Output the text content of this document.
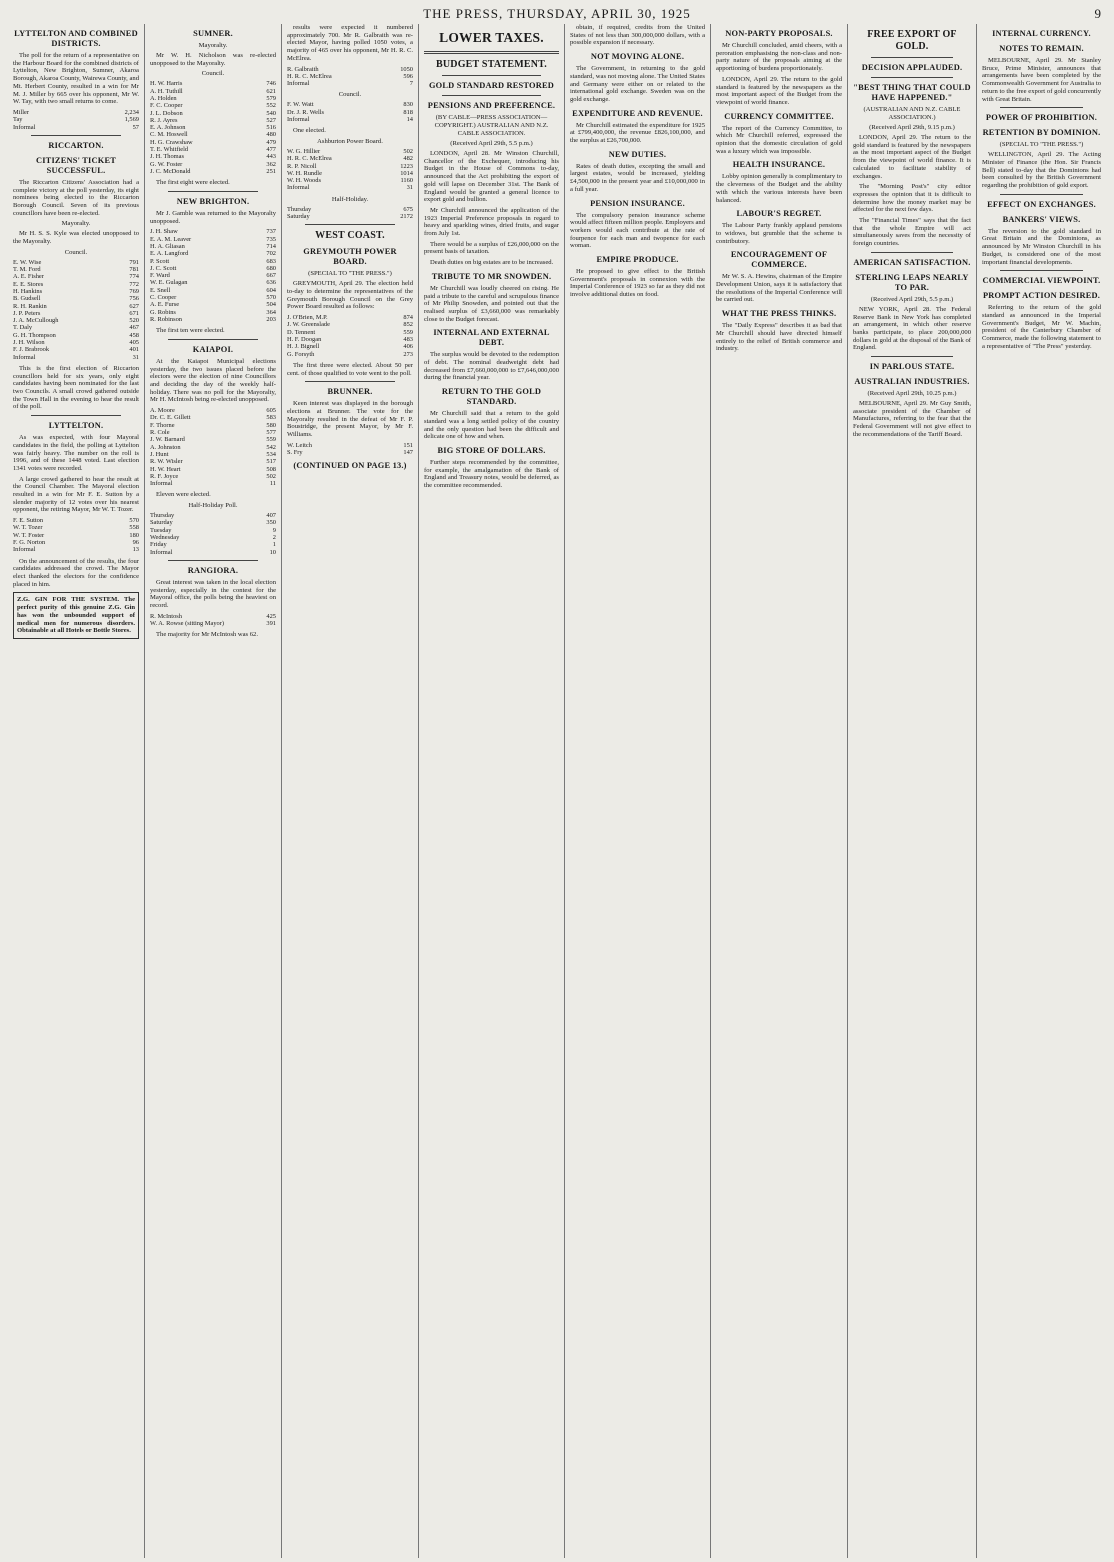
THE PRESS, THURSDAY, APRIL 30, 1925	9
LYTTELTON AND COMBINED DISTRICTS.

The poll for the return of a representative on the Harbour Board for the combined districts of Lyttelton, New Brighton, Sumner, Akaroa Borough, Akaroa County, Wairewa County, and Mt. Herbert County, resulted in a win for Mr M. J. Miller by 665 over his opponent, Mr W. W. Tay, with two small returns to come.

Miller	2,234
Tay	1,569
Informal	57
RICCARTON.
CITIZENS' TICKET SUCCESSFUL.

The Riccarton Citizens' Association had a complete victory at the poll yesterday, its eight nominees being elected to the Riccarton Borough Council. Seven of its previous councillors have been re-elected.

Mayoralty.

Mr H. S. S. Kyle was elected unopposed to the Mayoralty.

Council.
E. W. Wise	791
T. M. Ford	781
A. E. Fisher	774
E. E. Stores	772
H. Hankins	769
B. Gudsell	756
R. H. Rankin	627
J. P. Peters	671
J. A. McCullough	520
T. Daly	467
G. H. Thompson	458
J. H. Wilson	405
F. J. Brabrook	401
Informal	31

This is the first election of Riccarton councillors held for six years, only eight candidates having been nominated for the last two Councils. A small crowd gathered outside the Town Hall in the evening to hear the result of the poll.

LYTTELTON.

As was expected, with four Mayoral candidates in the field, the polling at Lyttelton was fairly heavy. The number on the roll is 1996, and of these 1448 voted. Last election 1341 votes were recorded.

A large crowd gathered to hear the result at the Council Chamber. The Mayoral election resulted in a win for Mr F. E. Sutton by a slender majority of 12 votes over his nearest opponent, the retiring Mayor, Mr W. T. Tozer.

F. E. Sutton	570
W. T. Tozer	558
W. T. Foster	180
F. G. Norton	96
Informal	13

On the announcement of the results, the four candidates addressed the crowd. The Mayor elect thanked the electors for the confidence placed in him.

Z.G. GIN FOR THE SYSTEM. The perfect purity of this genuine Z.G. Gin has won the unbounded support of medical men for numerous disorders. Obtainable at all Hotels or Bottle Stores.
SUMNER.
Mayoralty.

Mr W. H. Nicholson was re-elected unopposed to the Mayoralty.

Council.
H. W. Harris	746
A. H. Tuthill	621
A. Holden	579
F. C. Cooper	552
J. L. Dobson	540
R. J. Ayres	527
E. A. Johnson	516
C. M. Hoswell	480
H. G. Crawshaw	479
T. E. Whitfield	477
J. H. Thomas	443
G. W. Foster	362
J. C. McDonald	251

The first eight were elected.

NEW BRIGHTON.

Mr J. Gamble was returned to the Mayoralty unopposed.

J. H. Shaw	737
E. A. M. Leaver	735
H. A. Gliasan	714
E. A. Langford	702
P. Scott	683
J. C. Scott	680
F. Ward	667
W. E. Gulagan	636
E. Snell	604
C. Cooper	570
A. E. Furse	504
G. Robins	364
R. Robinson	203

The first ten were elected.

KAIAPOI.

At the Kaiapoi Municipal elections yesterday, the two issues placed before the electors were the election of nine Councillors and deciding the day of the weekly half-holiday. There was no poll for the Mayoralty, Mr H. McIntosh being re-elected unopposed.

A. Moore	605
Dr. C. E. Gillett	583
F. Thorne	580
R. Cole	577
J. W. Barnard	559
A. Johnston	542
J. Hunt	534
R. W. Wisler	517
H. W. Heart	508
R. F. Joyce	502
Informal	11

Eleven were elected.

Half-Holiday Poll.
Thursday	407
Saturday	350
Tuesday	9
Wednesday	2
Friday	1
Informal	10
RANGIORA.

Great interest was taken in the local election yesterday, especially in the contest for the Mayoral office, the polls being the heaviest on record.

R. McIntosh	425
W. A. Rowse (sitting Mayor)	391

The majority for Mr McIntosh was 62.

results were expected it numbered approximately 700. Mr R. Galbraith was re-elected Mayor, having polled 1050 votes, a majority of 465 over his opponent, Mr H. R. C. McElrea.

R. Galbraith	1050
H. R. C. McElrea	596
Informal	7
Council.
F. W. Watt	830
Dr. J. R. Wells	818
Informal	14

One elected.

Ashburton Power Board.
W. G. Hillier	502
H. R. C. McElrea	482
R. P. Nicoll	1223
W. H. Rundle	1014
W. H. Woods	1160
Informal	31
Half-Holiday.
Thursday	675
Saturday	2172
WEST COAST.
GREYMOUTH POWER BOARD.
(SPECIAL TO "THE PRESS.")

GREYMOUTH, April 29. The election held to-day to determine the representatives of the Greymouth Borough Council on the Grey Power Board resulted as follows:

J. O'Brien, M.P.	874
J. W. Greenslade	852
D. Tennent	559
H. F. Doogan	483
H. J. Bignell	406
G. Forsyth	273

The first three were elected. About 50 per cent. of those qualified to vote went to the poll.

BRUNNER.

Keen interest was displayed in the borough elections at Brunner. The vote for the Mayoralty resulted in the defeat of Mr F. P. Boustridge, the present Mayor, by Mr F. Williams.

W. Leitch	151
S. Fry	147
(CONTINUED ON PAGE 13.)
LOWER TAXES.
BUDGET STATEMENT.
GOLD STANDARD RESTORED
PENSIONS AND PREFERENCE.
(BY CABLE—PRESS ASSOCIATION—COPYRIGHT.) AUSTRALIAN AND N.Z. CABLE ASSOCIATION.
(Received April 29th, 5.5 p.m.)

LONDON, April 28. Mr Winston Churchill, Chancellor of the Exchequer, introducing his Budget in the House of Commons to-day, announced that the Act prohibiting the export of gold will lapse on December 31st. The Bank of England would be granted a general licence to export gold and bullion.

Mr Churchill announced the application of the 1923 Imperial Preference proposals in regard to heavy and sparkling wines, dried fruits, and sugar from July 1st.

There would be a surplus of £26,000,000 on the present basis of taxation.

Death duties on big estates are to be increased.

TRIBUTE TO MR SNOWDEN.

Mr Churchill was loudly cheered on rising. He paid a tribute to the careful and scrupulous finance of Mr Philip Snowden, and pointed out that the realised surplus of £3,660,000 was remarkably close to the Budget forecast.

INTERNAL AND EXTERNAL DEBT.

The surplus would be devoted to the redemption of debt. The nominal deadweight debt had decreased from £7,660,000,000 to £7,646,000,000 during the financial year.

RETURN TO THE GOLD STANDARD.

Mr Churchill said that a return to the gold standard was a long settled policy of the country and the only question had been the difficult and delicate one of how and when.

BIG STORE OF DOLLARS.

Further steps recommended by the committee, for example, the amalgamation of the Bank of England and Treasury notes, would be deferred, as the committee recommended.

obtain, if required, credits from the United States of not less than 300,000,000 dollars, with a possible expansion if necessary.

NOT MOVING ALONE.

The Government, in returning to the gold standard, was not moving alone. The United States and Germany were either on or related to the international gold exchange. Sweden was on the gold exchange.

EXPENDITURE AND REVENUE.

Mr Churchill estimated the expenditure for 1925 at £799,400,000, the revenue £826,100,000, and the surplus at £26,700,000.

NEW DUTIES.

Rates of death duties, excepting the small and largest estates, would be increased, yielding £4,500,000 in the present year and £10,000,000 in a full year.

PENSION INSURANCE.

The compulsory pension insurance scheme would affect fifteen million people. Employers and workers would each contribute at the rate of fourpence for each man and twopence for each woman.

EMPIRE PRODUCE.

He proposed to give effect to the British Government's proposals in connexion with the Imperial Conference of 1923 so far as they did not involve additional duties on food.

NON-PARTY PROPOSALS.

Mr Churchill concluded, amid cheers, with a peroration emphasising the non-class and non-party nature of the proposals aiming at the apportioning of burdens proportionately.

LONDON, April 29. The return to the gold standard is featured by the newspapers as the most important aspect of the Budget from the viewpoint of world finance.

CURRENCY COMMITTEE.

The report of the Currency Committee, to which Mr Churchill referred, expressed the opinion that the domestic circulation of gold was a luxury which was impossible.

HEALTH INSURANCE.

Lobby opinion generally is complimentary to the cleverness of the Budget and the ability with which the various interests have been balanced.

LABOUR'S REGRET.

The Labour Party frankly applaud pensions to widows, but grumble that the scheme is contributory.

ENCOURAGEMENT OF COMMERCE.

Mr W. S. A. Hewins, chairman of the Empire Development Union, says it is satisfactory that the resolutions of the Imperial Conference will be carried out.

WHAT THE PRESS THINKS.

The "Daily Express" describes it as bad that Mr Churchill should have directed himself entirely to the relief of British commerce and industry.

FREE EXPORT OF GOLD.
DECISION APPLAUDED.
"BEST THING THAT COULD HAVE HAPPENED."
(AUSTRALIAN AND N.Z. CABLE ASSOCIATION.)
(Received April 29th, 9.15 p.m.)

LONDON, April 29. The return to the gold standard is featured by the newspapers as the most important aspect of the Budget from the viewpoint of world finance. It is calculated to facilitate stability of exchanges.

The "Morning Post's" city editor expresses the opinion that it is difficult to determine how the money market may be affected for the next few days.

The "Financial Times" says that the fact that the whole Empire will act simultaneously saves from the necessity of foreign countries.

AMERICAN SATISFACTION.
STERLING LEAPS NEARLY TO PAR.
(Received April 29th, 5.5 p.m.)

NEW YORK, April 28. The Federal Reserve Bank in New York has completed an arrangement, in which other reserve banks participate, to place 200,000,000 dollars in gold at the disposal of the Bank of England.

IN PARLOUS STATE.
AUSTRALIAN INDUSTRIES.
(Received April 29th, 10.25 p.m.)

MELBOURNE, April 29. Mr Guy Smith, associate president of the Chamber of Manufactures, referring to the fear that the Federal Government will not give effect to the recommendations of the Tariff Board.

INTERNAL CURRENCY.
NOTES TO REMAIN.

MELBOURNE, April 29. Mr Stanley Bruce, Prime Minister, announces that arrangements have been completed by the Commonwealth Government for Australia to return to the free export of gold concurrently with Great Britain.

POWER OF PROHIBITION.
RETENTION BY DOMINION.
(SPECIAL TO "THE PRESS.")

WELLINGTON, April 29. The Acting Minister of Finance (the Hon. Sir Francis Bell) stated to-day that the Dominions had been consulted by the British Government regarding the prohibition of gold export.

EFFECT ON EXCHANGES.
BANKERS' VIEWS.

The reversion to the gold standard in Great Britain and the Dominions, as announced by Mr Winston Churchill in his Budget, is considered one of the most important financial developments.

COMMERCIAL VIEWPOINT.
PROMPT ACTION DESIRED.

Referring to the return of the gold standard as announced in the Imperial Government's Budget, Mr W. Machin, president of the Canterbury Chamber of Commerce, made the following statement to a representative of "The Press" yesterday.
